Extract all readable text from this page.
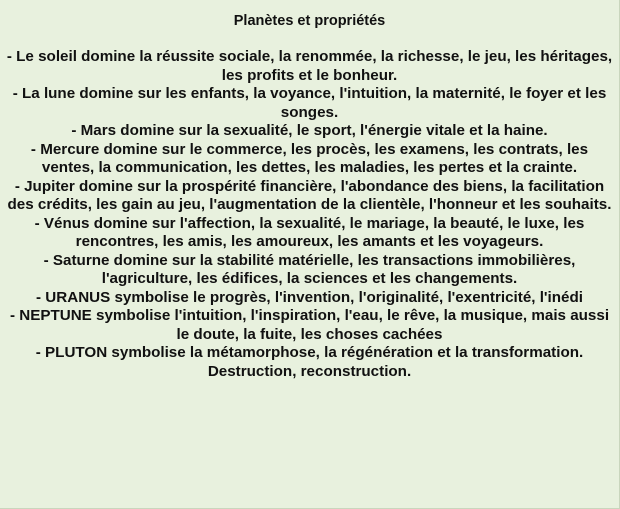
Planètes et propriétés
- Le soleil domine la réussite sociale, la renommée, la richesse, le jeu, les héritages, les profits et le bonheur.
- La lune domine sur les enfants, la voyance, l'intuition, la maternité, le foyer et les songes.
- Mars domine sur la sexualité, le sport, l'énergie vitale et la haine.
- Mercure domine sur le commerce, les procès, les examens, les contrats, les ventes, la communication, les dettes, les maladies, les pertes et la crainte.
- Jupiter domine sur la prospérité financière, l'abondance des biens, la facilitation des crédits, les gain au jeu, l'augmentation de la clientèle, l'honneur et les souhaits.
- Vénus domine sur l'affection, la sexualité, le mariage, la beauté, le luxe, les rencontres, les amis, les amoureux, les amants et les voyageurs.
- Saturne domine sur la stabilité matérielle, les transactions immobilières, l'agriculture, les édifices, la sciences et les changements.
- URANUS symbolise le progrès, l'invention, l'originalité, l'exentricité, l'inédi
- NEPTUNE symbolise l'intuition, l'inspiration, l'eau, le rêve, la musique, mais aussi le doute, la fuite, les choses cachées
- PLUTON symbolise la métamorphose, la régénération et la transformation. Destruction, reconstruction.
